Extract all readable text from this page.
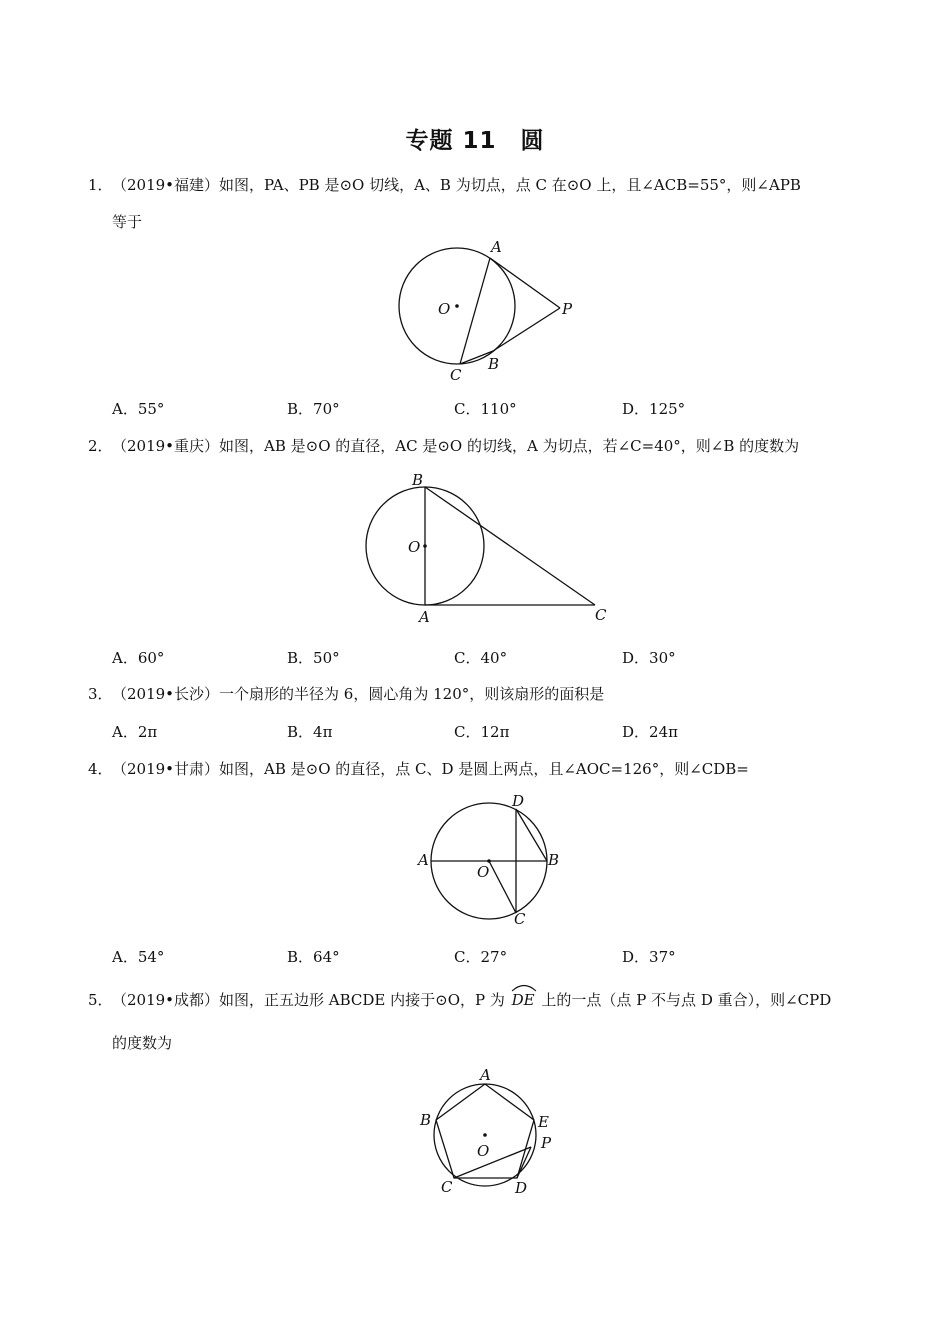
专题 11　圆
1． （2019•福建）如图，PA、PB 是⊙O 切线，A、B 为切点，点 C 在⊙O 上，且∠ACB=55°，则∠APB
等于
A
O	P
B
C
A．55°	B．70°	C．110°	D．125°
2． （2019•重庆）如图，AB 是⊙O 的直径，AC 是⊙O 的切线，A 为切点，若∠C=40°，则∠B 的度数为
B
O
A	C
A．60°	B．50°	C．40°	D．30°
3． （2019•长沙）一个扇形的半径为 6，圆心角为 120°，则该扇形的面积是
A．2π	B．4π	C．12π	D．24π
4． （2019•甘肃）如图，AB 是⊙O 的直径，点 C、D 是圆上两点，且∠AOC=126°，则∠CDB=
D
A	B
O
C
A．54°	B．64°	C．27°	D．37°
5． （2019•成都）如图，正五边形 ABCDE 内接于⊙O，P 为 DE 上的一点（点 P 不与点 D 重合），则∠CPD
的度数为
A
B	E
P
O
C	D
